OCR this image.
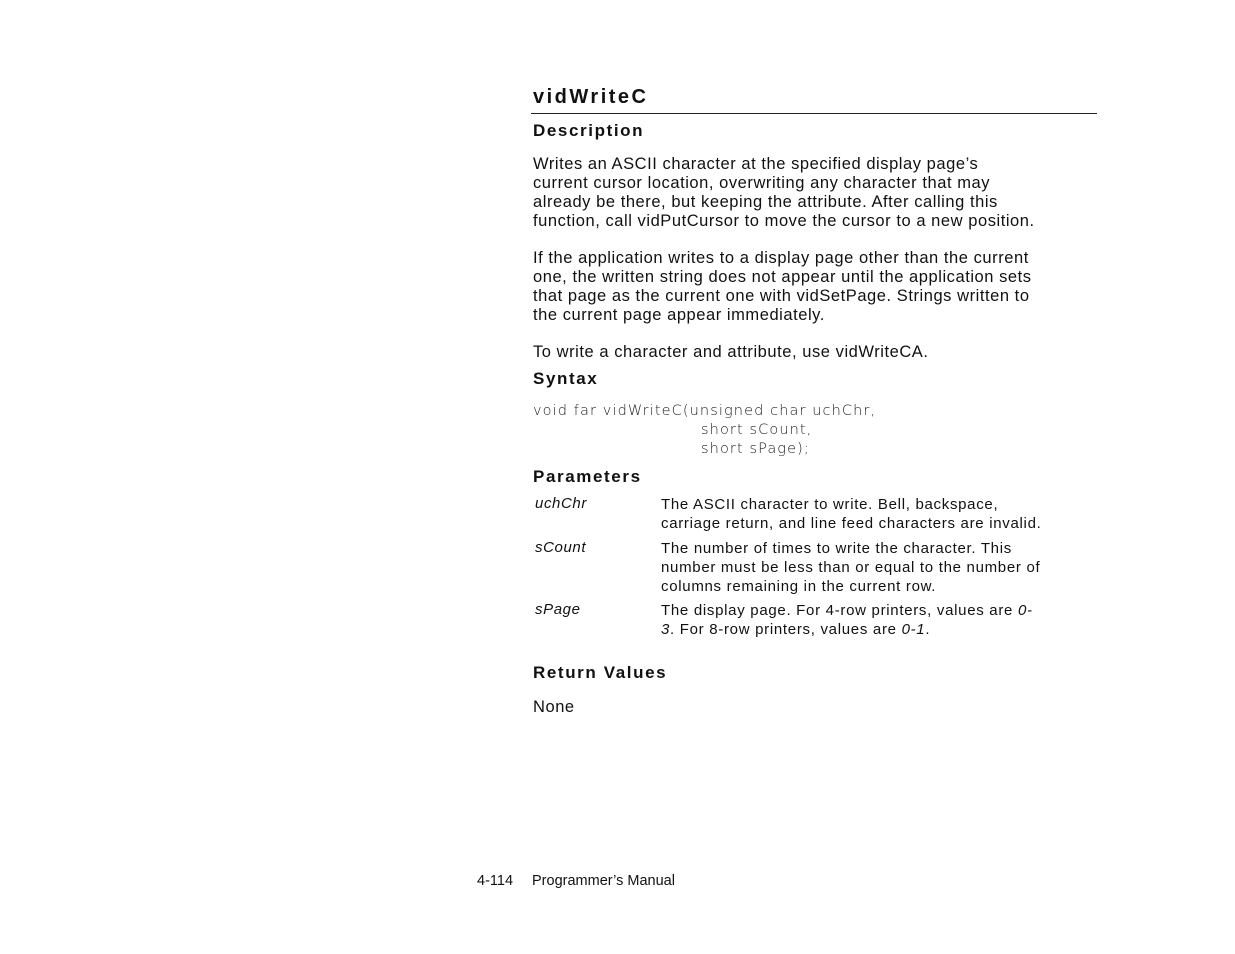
vidWriteC
Description

Writes an ASCII character at the specified display page’s
current cursor location, overwriting any character that may
already be there, but keeping the attribute. After calling this
function, call vidPutCursor to move the cursor to a new position.

If the application writes to a display page other than the current
one, the written string does not appear until the application sets
that page as the current one with vidSetPage. Strings written to
the current page appear immediately.

To write a character and attribute, use vidWriteCA.

Syntax
void far vidWriteC(unsigned char uchChr,
short sCount,
short sPage);
Parameters

uchChr	The ASCII character to write. Bell, backspace,
carriage return, and line feed characters are invalid.

sCount	The number of times to write the character. This
number must be less than or equal to the number of
columns remaining in the current row.

sPage	The display page. For 4-row printers, values are 0-
3. For 8-row printers, values are 0-1.

Return Values

None

4-114 Programmer’s Manual
